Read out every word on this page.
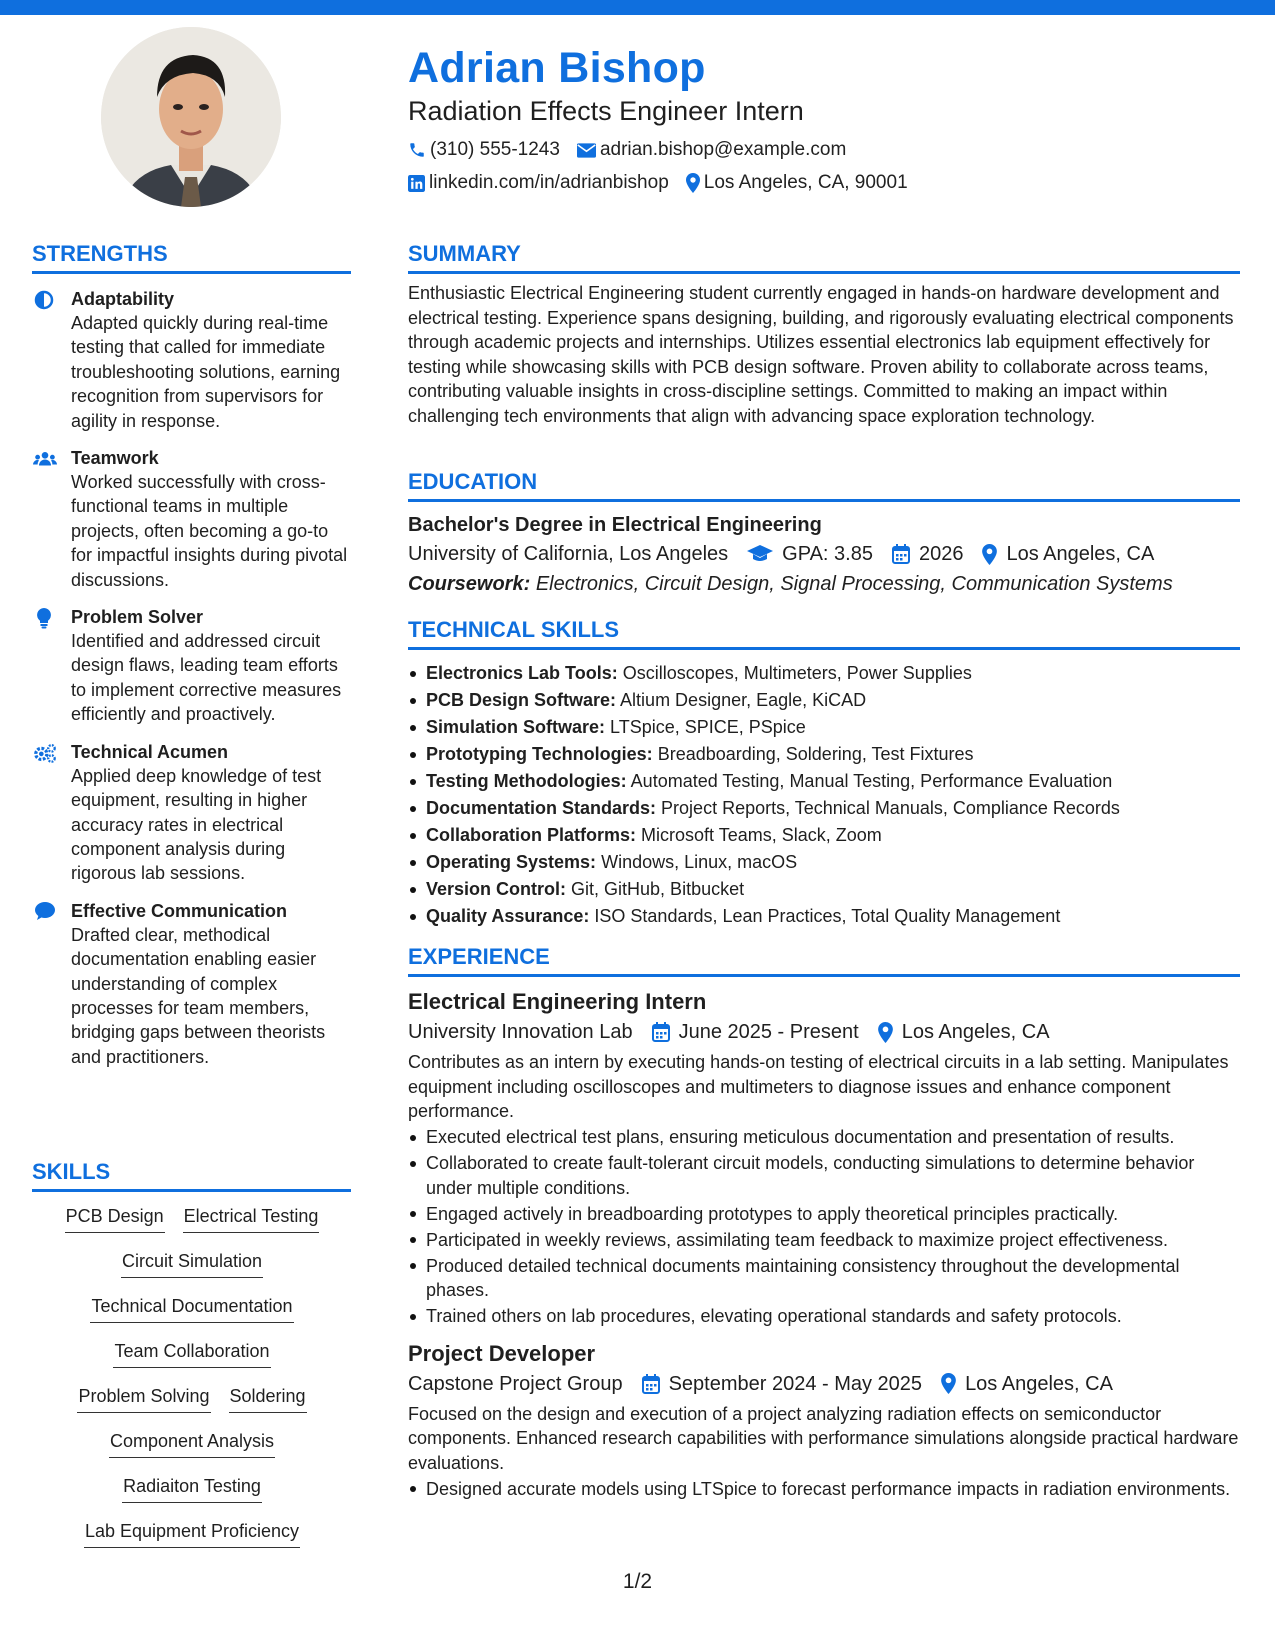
Adrian Bishop
Radiation Effects Engineer Intern
(310) 555-1243 adrian.bishop@example.com
linkedin.com/in/adrianbishop Los Angeles, CA, 90001
STRENGTHS
Adaptability
Adapted quickly during real-time testing that called for immediate troubleshooting solutions, earning recognition from supervisors for agility in response.
Teamwork
Worked successfully with cross-functional teams in multiple projects, often becoming a go-to for impactful insights during pivotal discussions.
Problem Solver
Identified and addressed circuit design flaws, leading team efforts to implement corrective measures efficiently and proactively.
Technical Acumen
Applied deep knowledge of test equipment, resulting in higher accuracy rates in electrical component analysis during rigorous lab sessions.
Effective Communication
Drafted clear, methodical documentation enabling easier understanding of complex processes for team members, bridging gaps between theorists and practitioners.
SKILLS
PCB Design Electrical Testing
Circuit Simulation
Technical Documentation
Team Collaboration
Problem Solving Soldering
Component Analysis
Radiaiton Testing
Lab Equipment Proficiency
SUMMARY
Enthusiastic Electrical Engineering student currently engaged in hands-on hardware development and electrical testing. Experience spans designing, building, and rigorously evaluating electrical components through academic projects and internships. Utilizes essential electronics lab equipment effectively for testing while showcasing skills with PCB design software. Proven ability to collaborate across teams, contributing valuable insights in cross-discipline settings. Committed to making an impact within challenging tech environments that align with advancing space exploration technology.
EDUCATION
Bachelor's Degree in Electrical Engineering
University of California, Los Angeles	GPA: 3.85 2026 Los Angeles, CA
Coursework: Electronics, Circuit Design, Signal Processing, Communication Systems
TECHNICAL SKILLS
Electronics Lab Tools: Oscilloscopes, Multimeters, Power Supplies
PCB Design Software: Altium Designer, Eagle, KiCAD
Simulation Software: LTSpice, SPICE, PSpice
Prototyping Technologies: Breadboarding, Soldering, Test Fixtures
Testing Methodologies: Automated Testing, Manual Testing, Performance Evaluation
Documentation Standards: Project Reports, Technical Manuals, Compliance Records
Collaboration Platforms: Microsoft Teams, Slack, Zoom
Operating Systems: Windows, Linux, macOS
Version Control: Git, GitHub, Bitbucket
Quality Assurance: ISO Standards, Lean Practices, Total Quality Management
EXPERIENCE
Electrical Engineering Intern
University Innovation Lab June 2025 - Present Los Angeles, CA
Contributes as an intern by executing hands-on testing of electrical circuits in a lab setting. Manipulates equipment including oscilloscopes and multimeters to diagnose issues and enhance component performance.
Executed electrical test plans, ensuring meticulous documentation and presentation of results.
Collaborated to create fault-tolerant circuit models, conducting simulations to determine behavior under multiple conditions.
Engaged actively in breadboarding prototypes to apply theoretical principles practically.
Participated in weekly reviews, assimilating team feedback to maximize project effectiveness.
Produced detailed technical documents maintaining consistency throughout the developmental phases.
Trained others on lab procedures, elevating operational standards and safety protocols.
Project Developer
Capstone Project Group September 2024 - May 2025 Los Angeles, CA
Focused on the design and execution of a project analyzing radiation effects on semiconductor components. Enhanced research capabilities with performance simulations alongside practical hardware evaluations.
Designed accurate models using LTSpice to forecast performance impacts in radiation environments.
1/2
